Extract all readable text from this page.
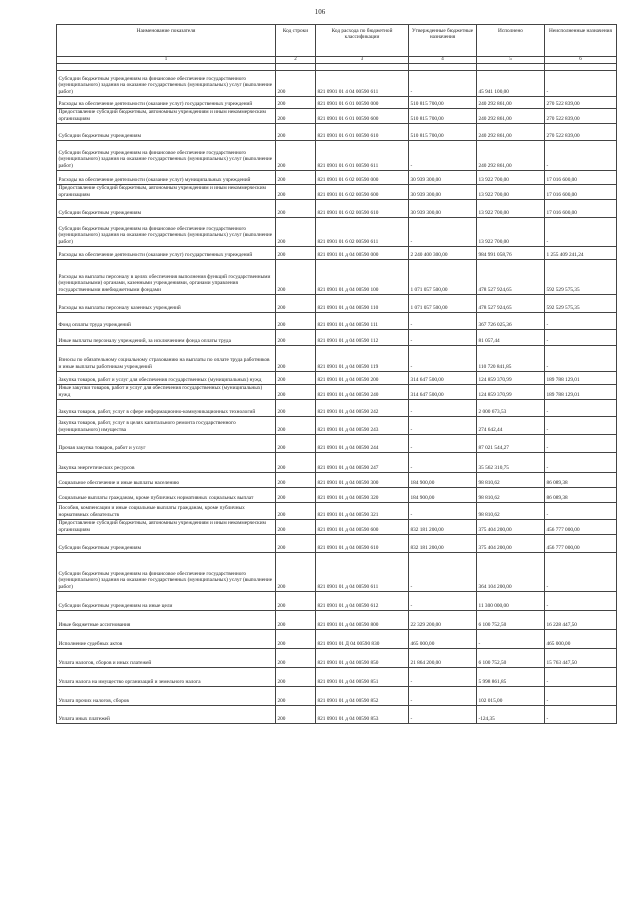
106
Наименование показателя	Код строки	Код расхода по бюджетной классификации	Утвержденные бюджетные назначения	Исполнено	Неисполненные назначения
1	2	3	4	5	6

Субсидии бюджетным учреждениям на финансовое обеспечение государственного (муниципального) задания на оказание государственных (муниципальных) услуг (выполнение работ)	200	821 0901 01 4 04 00590 611	-	45 941 100,00	-
Расходы на обеспечение деятельности (оказание услуг) государственных учреждений	200	821 0901 01 6 01 00590 000	510 815 700,00	240 292 861,00	270 522 839,00
Предоставление субсидий бюджетным, автономным учреждениям и иным некоммерческим организациям	200	821 0901 01 6 01 00590 600	510 815 700,00	240 292 861,00	270 522 839,00
Субсидии бюджетным учреждениям	200	821 0901 01 6 01 00590 610	510 815 700,00	240 292 861,00	270 522 839,00
Субсидии бюджетным учреждениям на финансовое обеспечение государственного (муниципального) задания на оказание государственных (муниципальных) услуг (выполнение работ)	200	821 0901 01 6 01 00590 611	-	240 292 861,00	-
Расходы на обеспечение деятельности (оказание услуг) муниципальных учреждений	200	821 0901 01 6 02 00590 000	30 939 300,00	13 922 700,00	17 016 600,00
Предоставление субсидий бюджетным, автономным учреждениям и иным некоммерческим организациям	200	821 0901 01 6 02 00590 600	30 939 300,00	13 922 700,00	17 016 600,00
Субсидии бюджетным учреждениям	200	821 0901 01 6 02 00590 610	30 939 300,00	13 922 700,00	17 016 600,00
Субсидии бюджетным учреждениям на финансовое обеспечение государственного (муниципального) задания на оказание государственных (муниципальных) услуг (выполнение работ)	200	821 0901 01 6 02 00590 611	-	13 922 700,00	-
Расходы на обеспечение деятельности (оказание услуг) государственных учреждений	200	821 0901 01 д 04 00590 000	2 240 400 300,00	984 991 058,76	1 255 409 241,24
Расходы на выплаты персоналу в целях обеспечения выполнения функций государственными (муниципальными) органами, казенными учреждениями, органами управления государственными внебюджетными фондами	200	821 0901 01 д 04 00590 100	1 071 057 500,00	478 527 924,65	592 529 575,35
Расходы на выплаты персоналу казенных учреждений	200	821 0901 01 д 04 00590 110	1 071 057 500,00	478 527 924,65	592 529 575,35
Фонд оплаты труда учреждений	200	821 0901 01 д 04 00590 111	-	367 726 025,36	-
Иные выплаты персоналу учреждений, за исключением фонда оплаты труда	200	821 0901 01 д 04 00590 112	-	81 057,44	-
Взносы по обязательному социальному страхованию на выплаты по оплате труда работников и иные выплаты работникам учреждений	200	821 0901 01 д 04 00590 119	-	110 720 841,85	-
Закупка товаров, работ и услуг для обеспечения государственных (муниципальных) нужд	200	821 0901 01 д 04 00590 200	314 647 500,00	124 859 370,99	189 788 129,01
Иные закупки товаров, работ и услуг для обеспечения государственных (муниципальных) нужд	200	821 0901 01 д 04 00590 240	314 647 500,00	124 859 370,99	189 788 129,01
Закупка товаров, работ, услуг в сфере информационно-коммуникационных технологий	200	821 0901 01 д 04 00590 242	-	2 000 673,53	-
Закупка товаров, работ, услуг в целях капитального ремонта государственного (муниципального) имущества	200	821 0901 01 д 04 00590 243	-	274 642,44	-
Прочая закупка товаров, работ и услуг	200	821 0901 01 д 04 00590 244	-	87 021 544,27	-
Закупка энергетических ресурсов	200	821 0901 01 д 04 00590 247	-	35 562 310,75	-
Социальное обеспечение и иные выплаты населению	200	821 0901 01 д 04 00590 300	184 900,00	98 810,62	86 089,38
Социальные выплаты гражданам, кроме публичных нормативных социальных выплат	200	821 0901 01 д 04 00590 320	184 900,00	98 810,62	86 089,38
Пособия, компенсации и иные социальные выплаты гражданам, кроме публичных нормативных обязательств	200	821 0901 01 д 04 00590 321	-	98 810,62	-
Предоставление субсидий бюджетным, автономным учреждениям и иным некоммерческим организациям	200	821 0901 01 д 04 00590 600	832 181 200,00	375 404 200,00	456 777 000,00
Субсидии бюджетным учреждениям	200	821 0901 01 д 04 00590 610	832 181 200,00	375 404 200,00	456 777 000,00
Субсидии бюджетным учреждениям на финансовое обеспечение государственного (муниципального) задания на оказание государственных (муниципальных) услуг (выполнение работ)	200	821 0901 01 д 04 00590 611	-	364 104 200,00	-
Субсидии бюджетным учреждениям на иные цели	200	821 0901 01 д 04 00590 612	-	11 300 000,00	-
Иные бюджетные ассигнования	200	821 0901 01 д 04 00590 800	22 329 200,00	6 100 752,50	16 228 447,50
Исполнение судебных актов	200	821 0901 01 Д 04 00590 830	465 000,00	-	465 000,00
Уплата налогов, сборов и иных платежей	200	821 0901 01 д 04 00590 850	21 864 200,00	6 100 752,50	15 763 447,50
Уплата налога на имущество организаций и земельного налога	200	821 0901 01 д 04 00590 851	-	5 998 861,85	-
Уплата прочих налогов, сборов	200	821 0901 01 д 04 00590 852	-	102 015,00	-
Уплата иных платежей	200	821 0901 01 д 04 00590 853	-	-124,35	-
